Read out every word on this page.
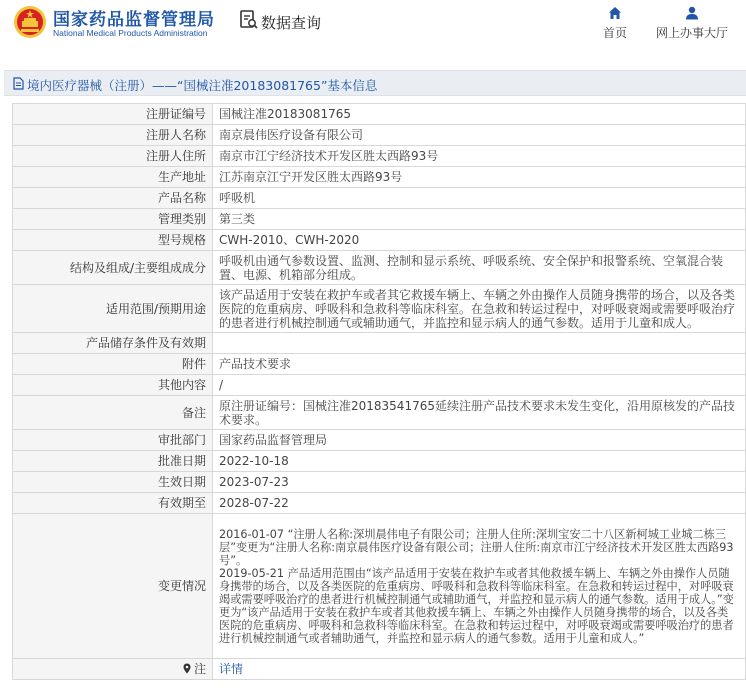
国家药品监督管理局
National Medical Products Administration
数据查询
首页	网上办事大厅
境内医疗器械（注册）——“国械注准20183081765”基本信息
注册证编号	国械注准20183081765
注册人名称	南京晨伟医疗设备有限公司
注册人住所	南京市江宁经济技术开发区胜太西路93号
生产地址	江苏南京江宁开发区胜太西路93号
产品名称	呼吸机
管理类别	第三类
型号规格	CWH-2010、CWH-2020
结构及组成/主要组成成分	呼吸机由通气参数设置、监测、控制和显示系统、呼吸系统、安全保护和报警系统、空氧混合装置、电源、机箱部分组成。
适用范围/预期用途	该产品适用于安装在救护车或者其它救援车辆上、车辆之外由操作人员随身携带的场合，以及各类医院的危重病房、呼吸科和急救科等临床科室。在急救和转运过程中，对呼吸衰竭或需要呼吸治疗的患者进行机械控制通气或辅助通气，并监控和显示病人的通气参数。适用于儿童和成人。
产品储存条件及有效期	
附件	产品技术要求
其他内容	/
备注	原注册证编号：国械注准20183541765延续注册产品技术要求未发生变化，沿用原核发的产品技术要求。
审批部门	国家药品监督管理局
批准日期	2022-10-18
生效日期	2023-07-23
有效期至	2028-07-22
变更情况	2016-01-07 “注册人名称:深圳晨伟电子有限公司；注册人住所:深圳宝安二十八区新柯城工业城二栋三层”变更为“注册人名称:南京晨伟医疗设备有限公司；注册人住所:南京市江宁经济技术开发区胜太西路93号”。
2019-05-21 产品适用范围由“该产品适用于安装在救护车或者其他救援车辆上、车辆之外由操作人员随身携带的场合，以及各类医院的危重病房、呼吸科和急救科等临床科室。在急救和转运过程中，对呼吸衰竭或需要呼吸治疗的患者进行机械控制通气或辅助通气，并监控和显示病人的通气参数。适用于成人。”变更为“该产品适用于安装在救护车或者其他救援车辆上、车辆之外由操作人员随身携带的场合，以及各类医院的危重病房、呼吸科和急救科等临床科室。在急救和转运过程中，对呼吸衰竭或需要呼吸治疗的患者进行机械控制通气或者辅助通气，并监控和显示病人的通气参数。适用于儿童和成人。”
注	详情
